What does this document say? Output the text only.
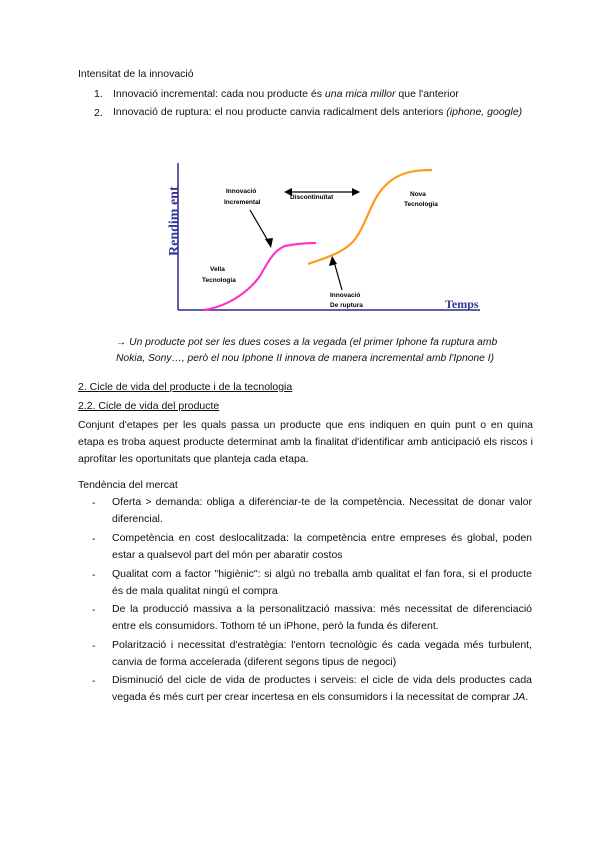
Intensitat de la innovació
1. Innovació incremental: cada nou producte és una mica millor que l'anterior
2. Innovació de ruptura: el nou producte canvia radicalment dels anteriors (iphone, google)
Rendim ent
Temps
Innovació
Incremental
Discontinuïtat	Nova
Tecnologia
Vella
Tecnologia
Innovació
De ruptura
→ Un producte pot ser les dues coses a la vegada (el primer Iphone fa ruptura amb
Nokia, Sony…, però el nou Iphone II innova de manera incremental amb l'Ipnone I)
2. Cicle de vida del producte i de la tecnologia
2.2. Cicle de vida del producte
Conjunt d'etapes per les quals passa un producte que ens indiquen en quin punt o en quina etapa es troba aquest producte determinat amb la finalitat d'identificar amb anticipació els riscos i aprofitar les oportunitats que planteja cada etapa.
Tendència del mercat
- Oferta > demanda: obliga a diferenciar-te de la competència. Necessitat de donar valor diferencial.
- Competència en cost deslocalitzada: la competència entre empreses és global, poden estar a qualsevol part del món per abaratir costos
- Qualitat com a factor "higiènic": si algú no treballa amb qualitat el fan fora, si el producte és de mala qualitat ningú el compra
- De la producció massiva a la personalització massiva: més necessitat de diferenciació entre els consumidors. Tothom té un iPhone, però la funda és diferent.
- Polarització i necessitat d'estratègia: l'entorn tecnològic és cada vegada més turbulent, canvia de forma accelerada (diferent segons tipus de negoci)
- Disminució del cicle de vida de productes i serveis: el cicle de vida dels productes cada vegada és més curt per crear incertesa en els consumidors i la necessitat de comprar JA.
